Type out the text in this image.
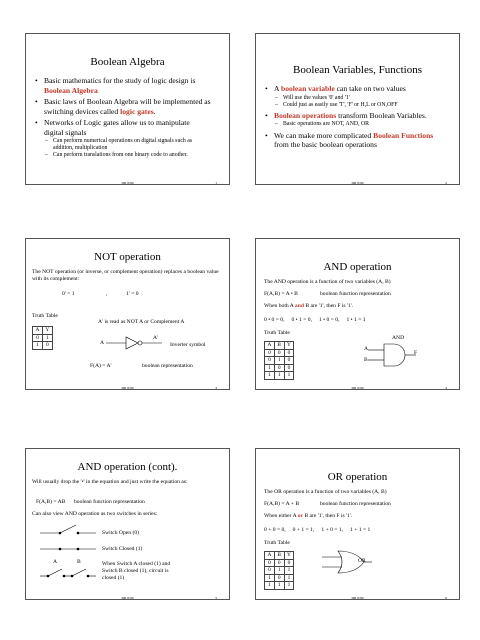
Boolean Algebra
• Basic mathematics for the study of logic design is Boolean Algebra
• Basic laws of Boolean Algebra will be implemented as switching devices called logic gates.
• Networks of Logic gates allow us to manipulate digital signals
– Can perform numerical operations on digital signals such as addition, multiplication
– Can perform translations from one binary code to another.
DR 8/99	1
Boolean Variables, Functions
• A boolean variable can take on two values
– Will use the values '0' and '1'
– Could just as easily use 'T', 'F' or H,L or ON,OFF
• Boolean operations transform Boolean Variables.
– Basic operations are NOT, AND, OR
• We can make more complicated Boolean Functions from the basic boolean operations
DR 8/99	2
NOT operation
The NOT operation (or inverse, or complement operation) replaces a boolean value with its complement:
0' = 1	,	1' = 0
Truth Table
A	Y
0	1
1	0
A' is read as NOT A or Complement A
A
A'
Inverter symbol
F(A) = A'	boolean representation
DR 8/99	3
AND operation
The AND operation is a function of two variables (A, B)
F(A,B) = A • B	boolean function representation
When both A and B are '1', then F is '1'.
0 • 0 = 0,     0 • 1 = 0,     1 • 0 = 0,     1 • 1 = 1
Truth Table
A	B	Y
0	0	0
0	1	0
1	0	0
1	1	1
AND
A
B
F
DR 8/99	4
AND operation (cont).
Will usually drop the '•' in the equation and just write the equation as:
F(A,B) = AB boolean function representation
Can also view AND operation as two switches in series:
Switch Open (0)
Switch Closed (1)
A	B	When Switch A closed (1) and Switch B closed (1), circuit is closed (1)
DR 8/99	5
OR operation
The OR operation is a function of two variables (A, B)
F(A,B) = A + B	boolean function representation
When either A or B are '1', then F is '1'.
0 + 0 = 0,     0 + 1 = 1,     1 + 0 = 1,     1 + 1 = 1
Truth Table
A	B	Y
0	0	0
0	1	1
1	0	1
1	1	1
OR
DR 8/99	6
